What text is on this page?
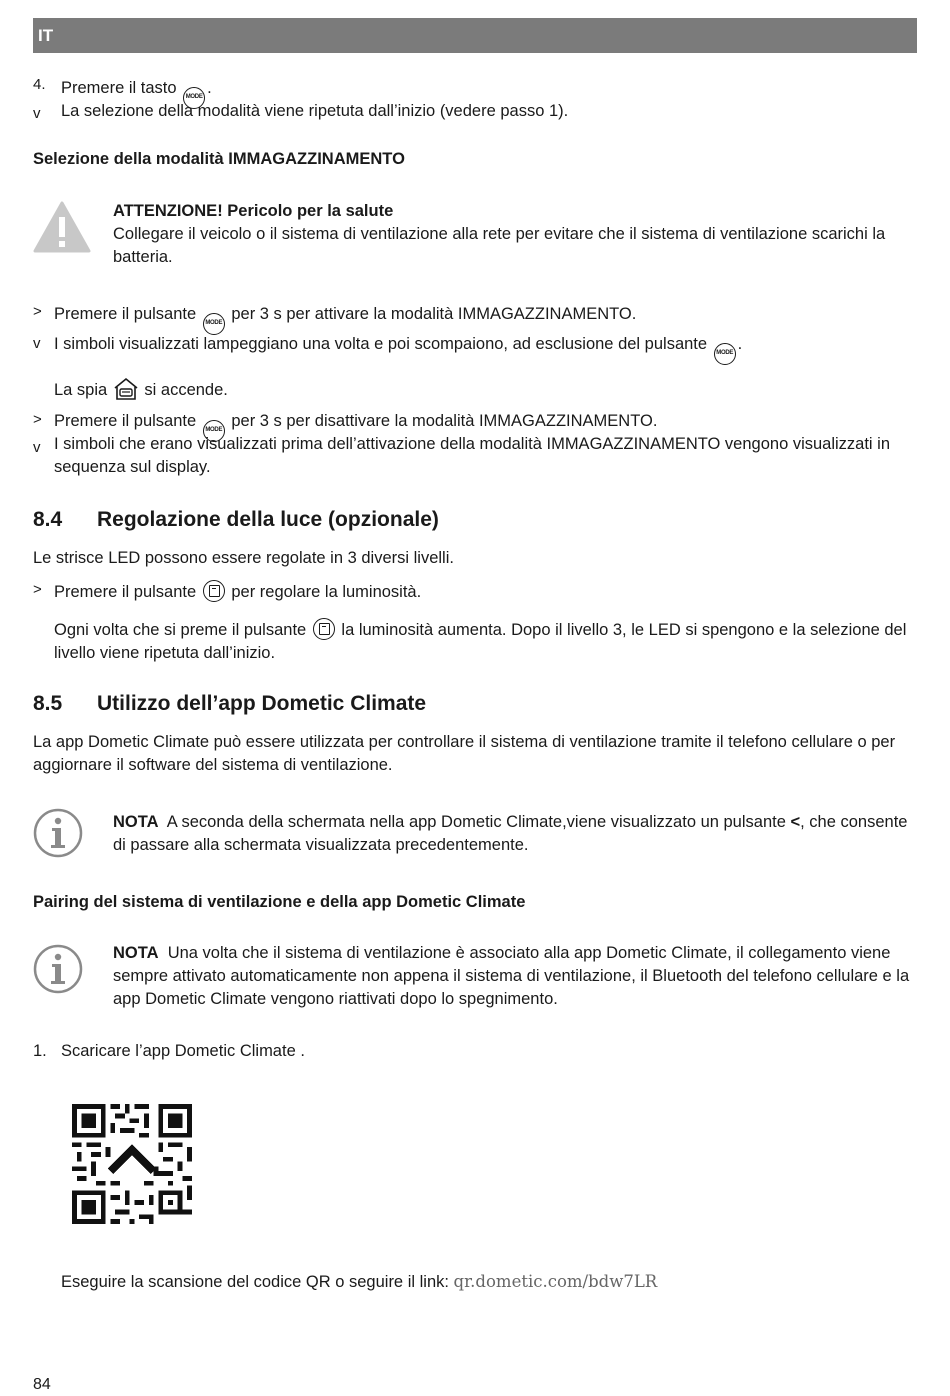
IT
4. Premere il tasto MODE .
v La selezione della modalità viene ripetuta dall’inizio (vedere passo 1).
Selezione della modalità IMMAGAZZINAMENTO
ATTENZIONE! Pericolo per la salute
Collegare il veicolo o il sistema di ventilazione alla rete per evitare che il sistema di ventilazione scarichi la batteria.
> Premere il pulsante MODE per 3 s per attivare la modalità IMMAGAZZINAMENTO.
v I simboli visualizzati lampeggiano una volta e poi scompaiono, ad esclusione del pulsante MODE .
La spia si accende.
> Premere il pulsante MODE per 3 s per disattivare la modalità IMMAGAZZINAMENTO.
v I simboli che erano visualizzati prima dell’attivazione della modalità IMMAGAZZINAMENTO vengono visualizzati in sequenza sul display.
8.4 Regolazione della luce (opzionale)
Le strisce LED possono essere regolate in 3 diversi livelli.
> Premere il pulsante per regolare la luminosità.
Ogni volta che si preme il pulsante la luminosità aumenta. Dopo il livello 3, le LED si spengono e la selezione del livello viene ripetuta dall’inizio.
8.5 Utilizzo dell’app Dometic Climate
La app Dometic Climate può essere utilizzata per controllare il sistema di ventilazione tramite il telefono cellulare o per aggiornare il software del sistema di ventilazione.
NOTA A seconda della schermata nella app Dometic Climate,viene visualizzato un pulsante <, che consente di passare alla schermata visualizzata precedentemente.
Pairing del sistema di ventilazione e della app Dometic Climate
NOTA Una volta che il sistema di ventilazione è associato alla app Dometic Climate, il collegamento viene sempre attivato automaticamente non appena il sistema di ventilazione, il Bluetooth del telefono cellulare e la app Dometic Climate vengono riattivati dopo lo spegnimento.
1. Scaricare l’app Dometic Climate .
Eseguire la scansione del codice QR o seguire il link: qr.dometic.com/bdw7LR
84
